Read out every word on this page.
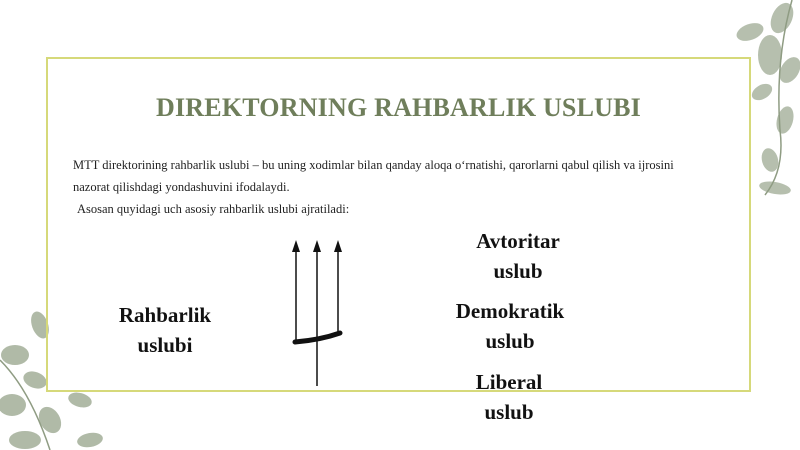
DIREKTORNING RAHBARLIK USLUBI

MTT direktorining rahbarlik uslubi – bu uning xodimlar bilan qanday aloqa o‘rnatishi, qarorlarni qabul qilish va ijrosini

nazorat qilishdagi yondashuvini ifodalaydi.

Asosan quyidagi uch asosiy rahbarlik uslubi ajratiladi:

Rahbarlik
uslubi
Avtoritar
uslub
Demokratik
uslub
Liberal
uslub
